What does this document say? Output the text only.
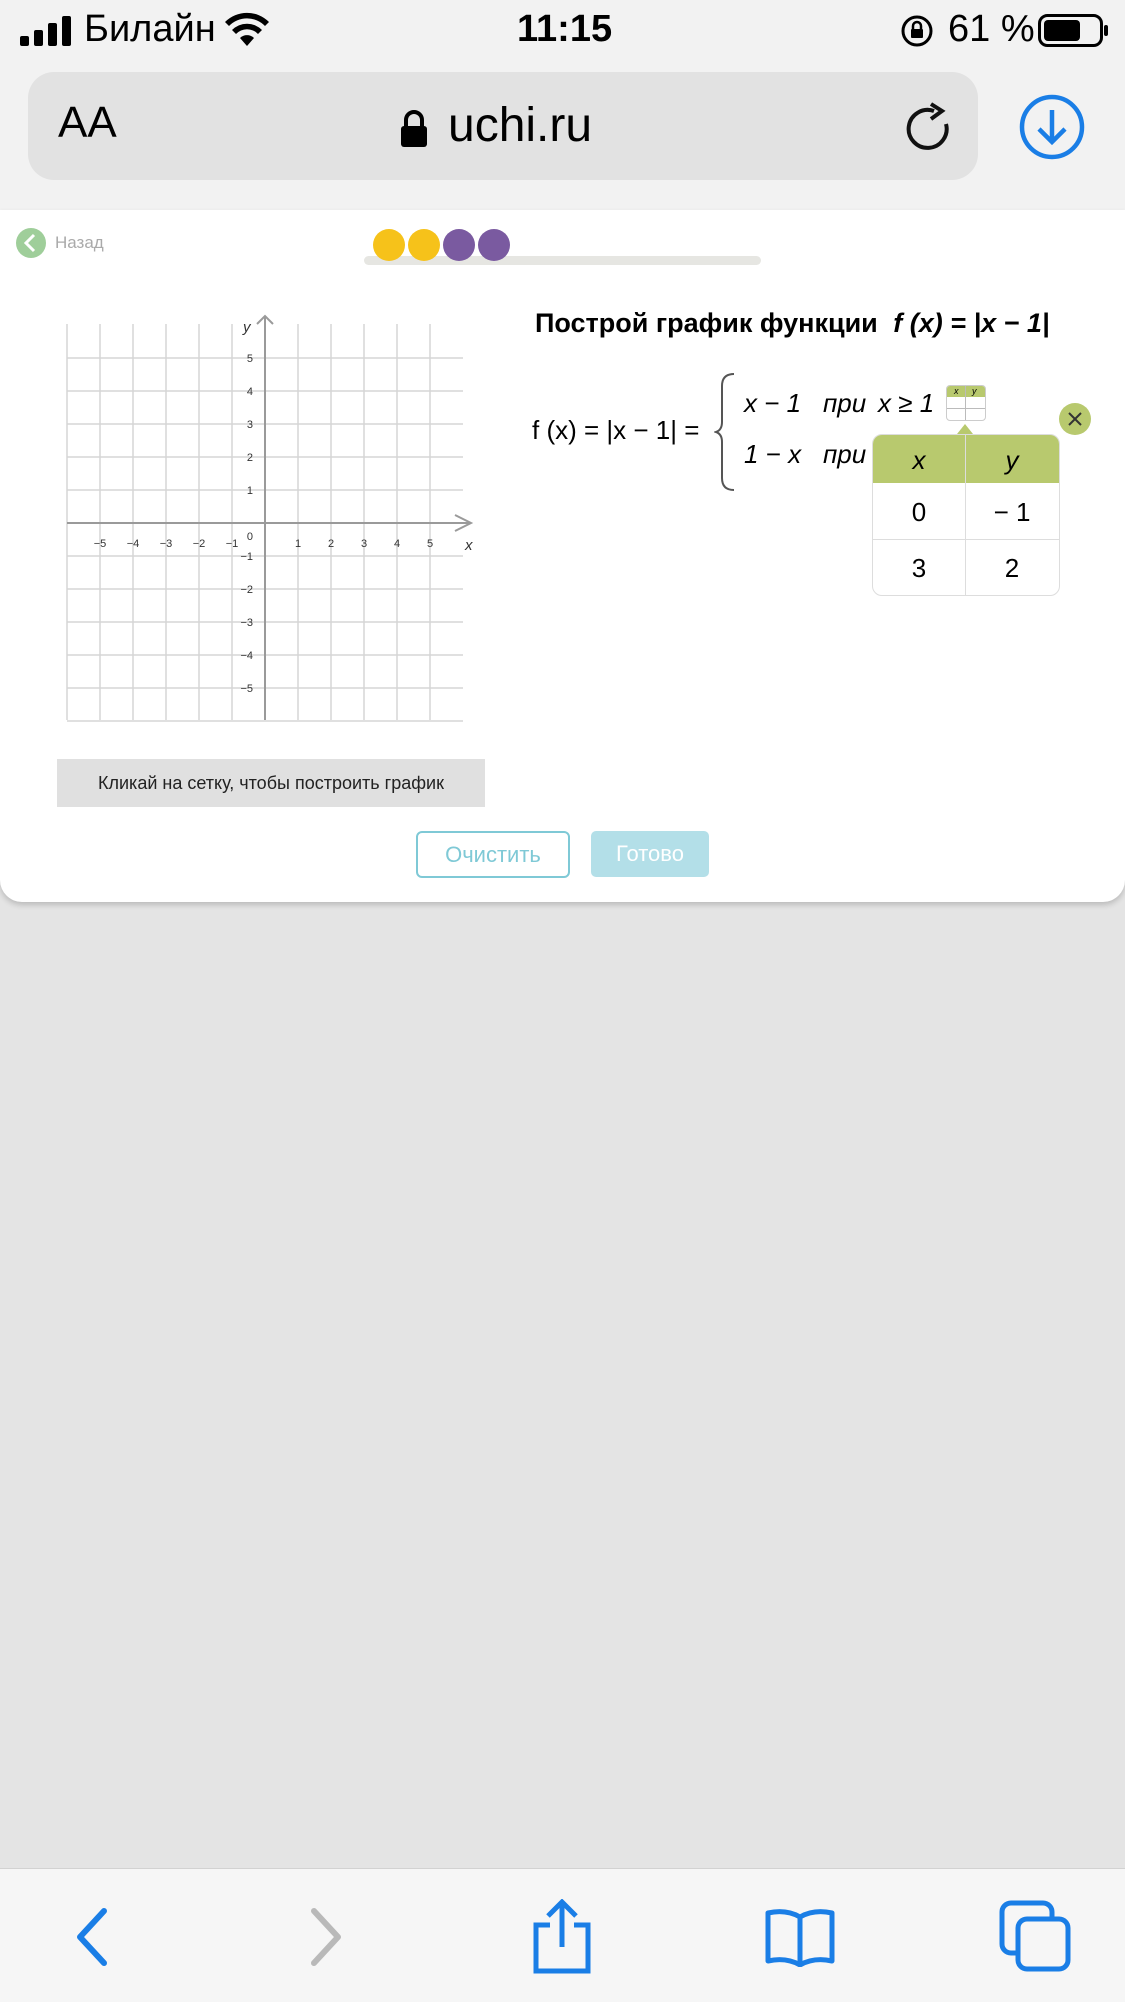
Билайн	11:15	61 %
AA	uchi.ru
Назад
−5 −4 −3 −2 −1	1 2 3 4 5
5
4
3
2
1
−1
−2
−3
−4
−5
0	x
y
Кликай на сетку, чтобы построить график
Очистить	Готово
Построй график функции f (x) = |x − 1|
f (x) = |x − 1| =
x − 1 при x ≥ 1
1 − x при
x y
x	y
0	− 1
3	2
